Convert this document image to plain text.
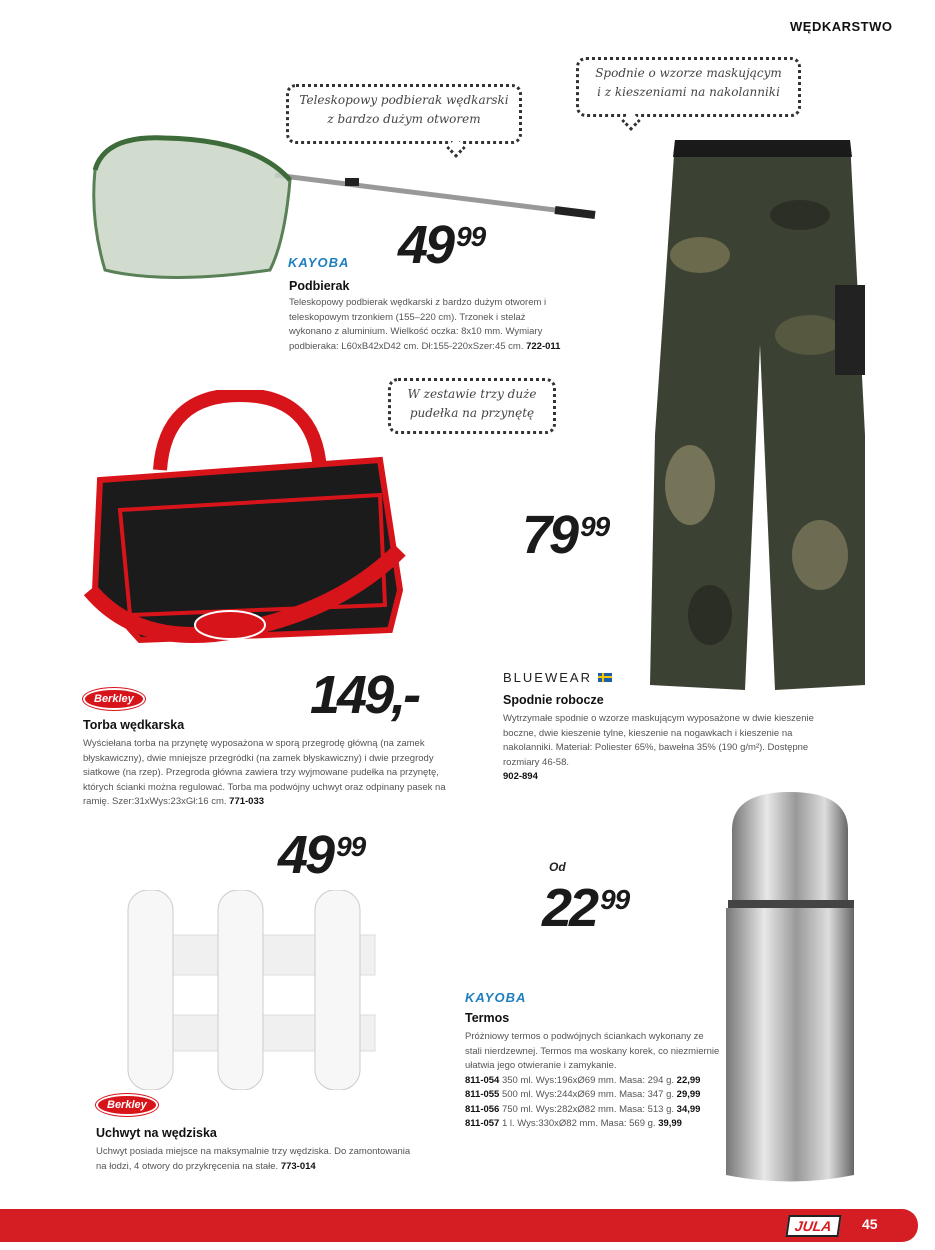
WĘDKARSTWO
Teleskopowy podbierak wędkarski
z bardzo dużym otworem
Spodnie o wzorze maskującym
i z kieszeniami na nakolanniki
W zestawie trzy duże
pudełka na przynętę
KAYOBA 49 99
Podbierak
Teleskopowy podbierak wędkarski z bardzo dużym otworem i teleskopowym trzonkiem (155–220 cm). Trzonek i stelaż wykonano z aluminium. Wielkość oczka: 8x10 mm. Wymiary podbieraka: L60xB42xD42 cm. Dł:155-220xSzer:45 cm. 722-011
79 99
BLUEWEAR
Spodnie robocze
Wytrzymałe spodnie o wzorze maskującym wyposażone w dwie kieszenie boczne, dwie kieszenie tylne, kieszenie na nogawkach i kieszenie na nakolanniki. Materiał: Poliester 65%, bawełna 35% (190 g/m²). Dostępne rozmiary 46-58.
902-894
Berkley	149,-
Torba wędkarska
Wyściełana torba na przynętę wyposażona w sporą przegrodę główną (na zamek błyskawiczny), dwie mniejsze przegródki (na zamek błyskawiczny) i dwie przegrody siatkowe (na rzep). Przegroda główna zawiera trzy wyjmowane pudełka na przynętę, których ścianki można regulować. Torba ma podwójny uchwyt oraz odpinany pasek na ramię. Szer:31xWys:23xGł:16 cm. 771-033
49 99
Berkley
Uchwyt na wędziska
Uchwyt posiada miejsce na maksymalnie trzy wędziska. Do zamontowania na łodzi, 4 otwory do przykręcenia na stałe. 773-014
Od
22 99
KAYOBA
Termos
Próżniowy termos o podwójnych ściankach wykonany ze stali nierdzewnej. Termos ma woskany korek, co niezmiernie ułatwia jego otwieranie i zamykanie.
811-054 350 ml. Wys:196xØ69 mm. Masa: 294 g. 22,99
811-055 500 ml. Wys:244xØ69 mm. Masa: 347 g. 29,99
811-056 750 ml. Wys:282xØ82 mm. Masa: 513 g. 34,99
811-057 1 l. Wys:330xØ82 mm. Masa: 569 g. 39,99
JULA	45
